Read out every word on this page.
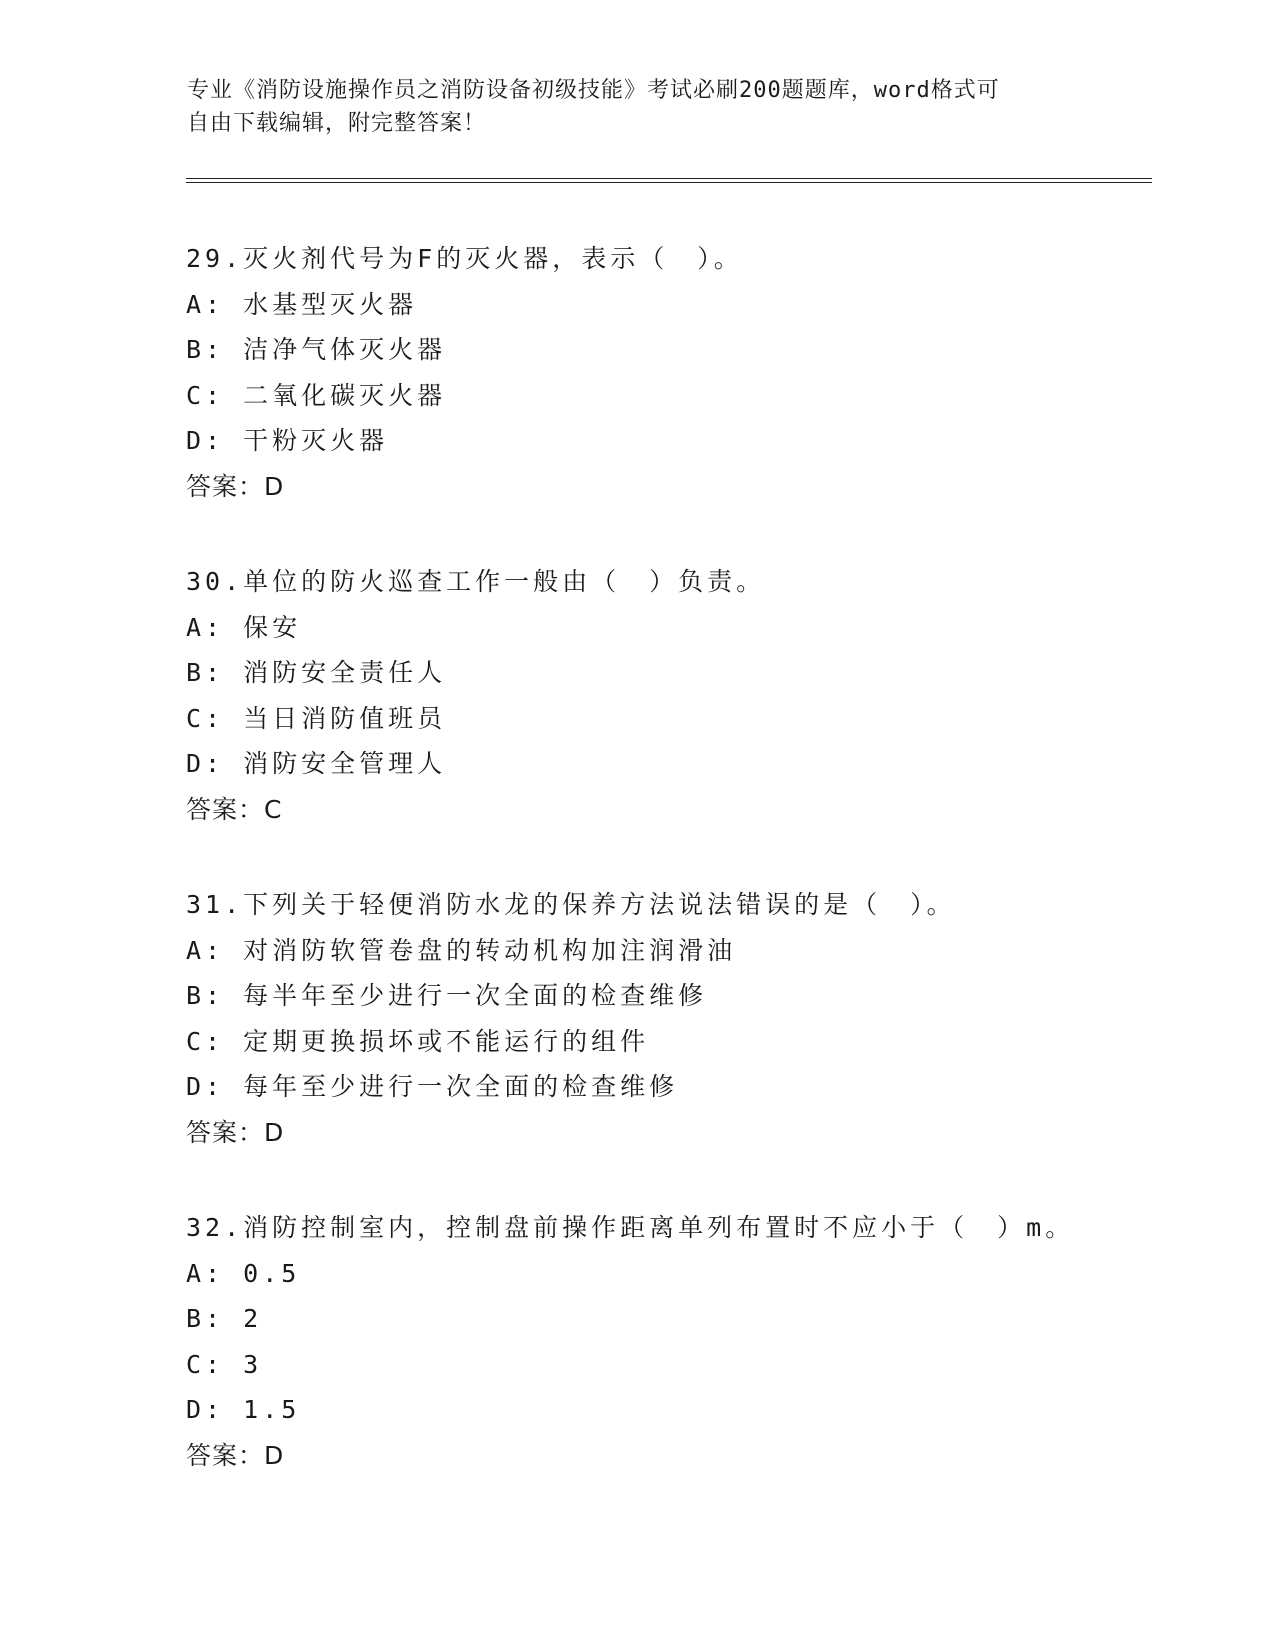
专业《消防设施操作员之消防设备初级技能》考试必刷200题题库，word格式可
自由下载编辑，附完整答案！
29.灭火剂代号为F的灭火器，表示（　）。
A: 水基型灭火器
B: 洁净气体灭火器
C: 二氧化碳灭火器
D: 干粉灭火器
答案：D
30.单位的防火巡查工作一般由（　）负责。
A: 保安
B: 消防安全责任人
C: 当日消防值班员
D: 消防安全管理人
答案：C
31.下列关于轻便消防水龙的保养方法说法错误的是（　）。
A: 对消防软管卷盘的转动机构加注润滑油
B: 每半年至少进行一次全面的检查维修
C: 定期更换损坏或不能运行的组件
D: 每年至少进行一次全面的检查维修
答案：D
32.消防控制室内，控制盘前操作距离单列布置时不应小于（　）m。
A: 0.5
B: 2
C: 3
D: 1.5
答案：D
